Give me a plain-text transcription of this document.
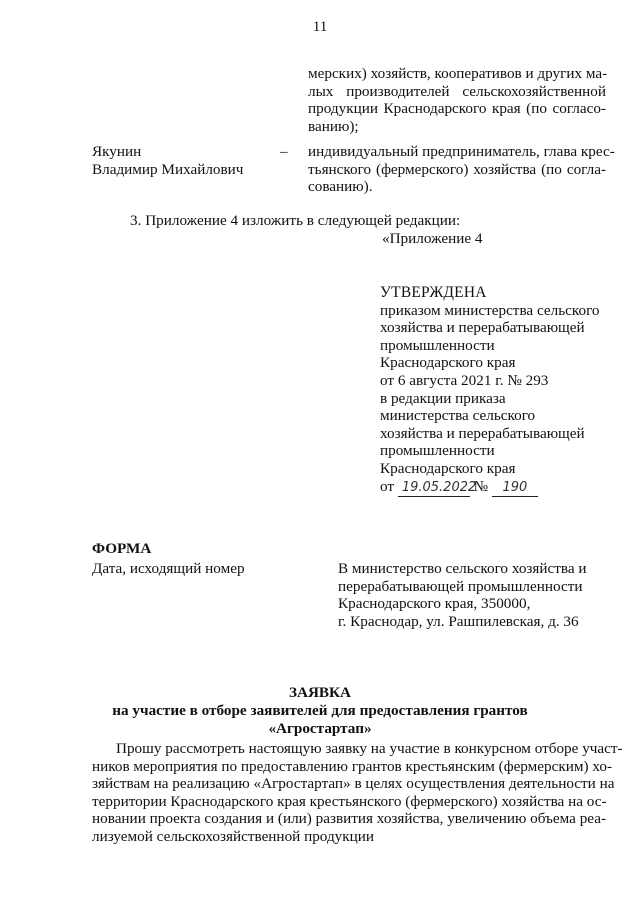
11
мерских) хозяйств, кооперативов и других ма-
лых производителей сельскохозяйственной
продукции Краснодарского края (по согласо-
ванию);
Якунин
Владимир Михайлович
– индивидуальный предприниматель, глава крес-
тьянского (фермерского) хозяйства (по согла-
сованию).
3. Приложение 4 изложить в следующей редакции:
«Приложение 4
УТВЕРЖДЕНА
приказом министерства сельского
хозяйства и перерабатывающей
промышленности
Краснодарского края
от 6 августа 2021 г. № 293
в редакции приказа
министерства сельского
хозяйства и перерабатывающей
промышленности
Краснодарского края
от 19.05.2022 № 190
ФОРМА
Дата, исходящий номер	В министерство сельского хозяйства и
перерабатывающей промышленности
Краснодарского края, 350000,
г. Краснодар, ул. Рашпилевская, д. 36
ЗАЯВКА
на участие в отборе заявителей для предоставления грантов
«Агростартап»
Прошу рассмотреть настоящую заявку на участие в конкурсном отборе участ-
ников мероприятия по предоставлению грантов крестьянским (фермерским) хо-
зяйствам на реализацию «Агростартап» в целях осуществления деятельности на
территории Краснодарского края крестьянского (фермерского) хозяйства на ос-
новании проекта создания и (или) развития хозяйства, увеличению объема реа-
лизуемой сельскохозяйственной продукции
